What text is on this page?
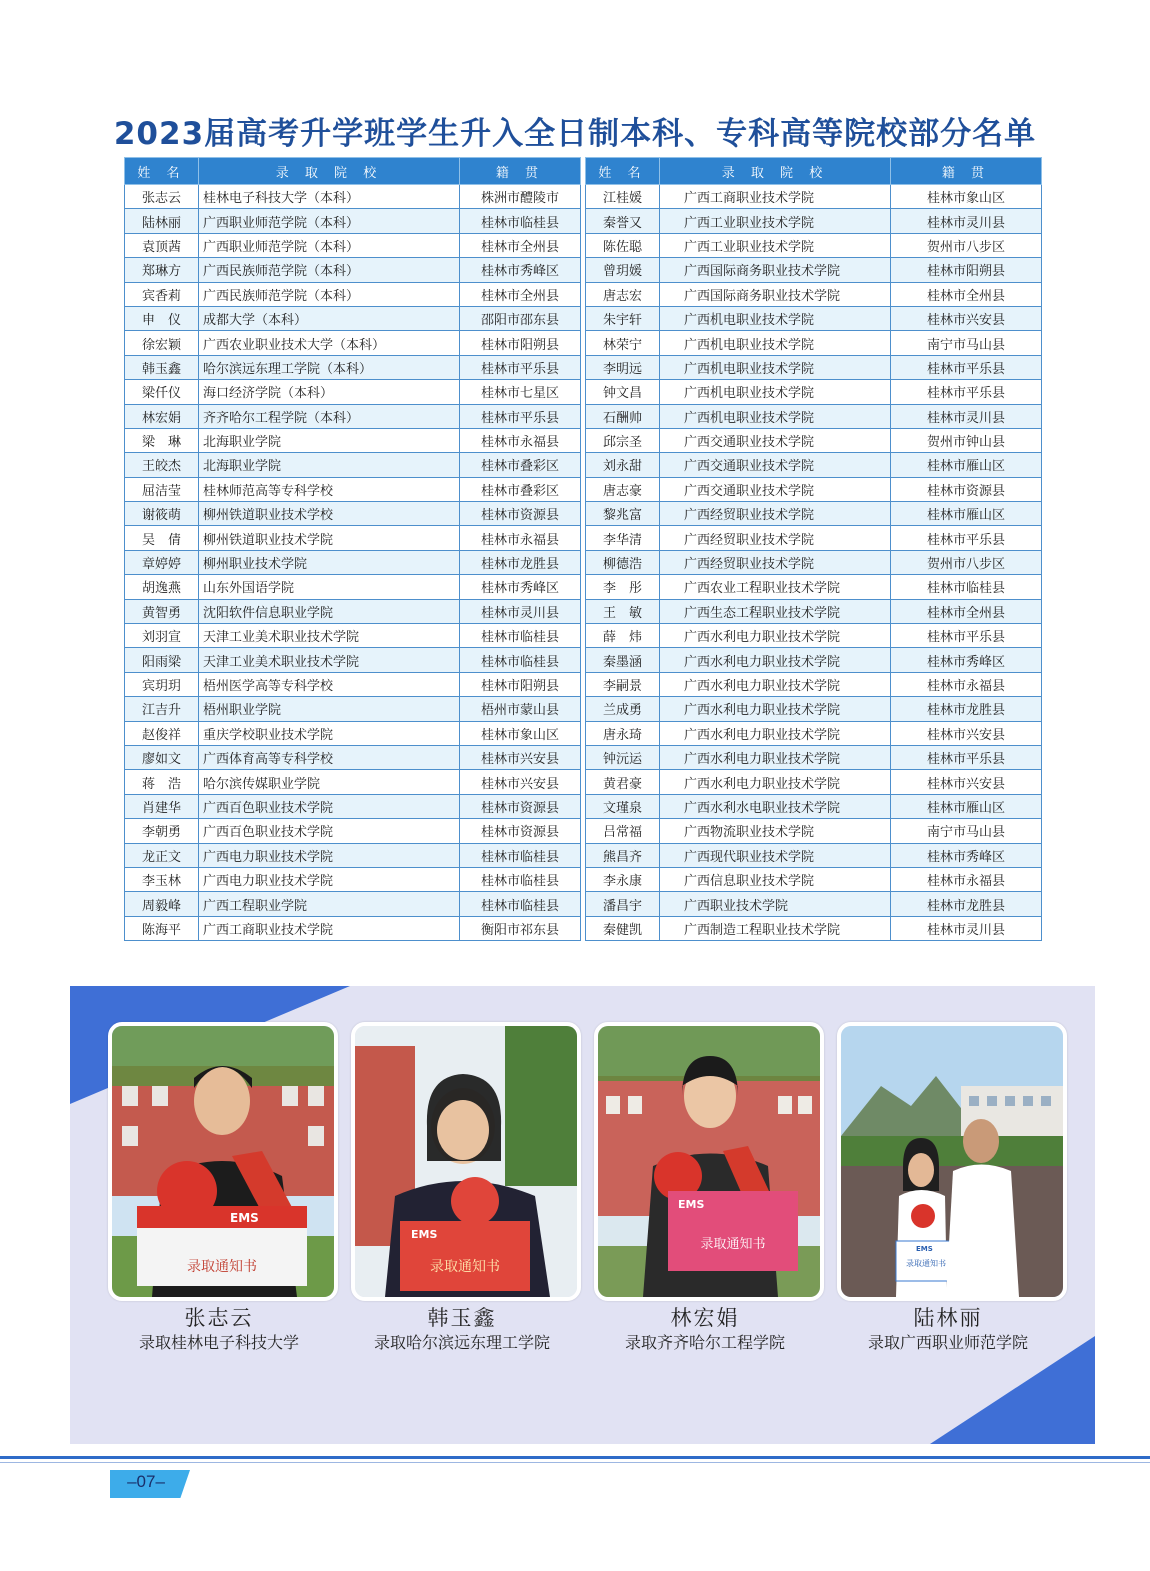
2023届高考升学班学生升入全日制本科、专科高等院校部分名单
姓 名	录 取 院 校	籍 贯
张志云	桂林电子科技大学（本科）	株洲市醴陵市
陆林丽	广西职业师范学院（本科）	桂林市临桂县
袁顶茜	广西职业师范学院（本科）	桂林市全州县
郑琳方	广西民族师范学院（本科）	桂林市秀峰区
宾香莉	广西民族师范学院（本科）	桂林市全州县
申　仪	成都大学（本科）	邵阳市邵东县
徐宏颖	广西农业职业技术大学（本科）	桂林市阳朔县
韩玉鑫	哈尔滨远东理工学院（本科）	桂林市平乐县
梁仟仪	海口经济学院（本科）	桂林市七星区
林宏娟	齐齐哈尔工程学院（本科）	桂林市平乐县
梁　琳	北海职业学院	桂林市永福县
王皎杰	北海职业学院	桂林市叠彩区
屈洁莹	桂林师范高等专科学校	桂林市叠彩区
谢筱萌	柳州铁道职业技术学校	桂林市资源县
吴　倩	柳州铁道职业技术学院	桂林市永福县
章婷婷	柳州职业技术学院	桂林市龙胜县
胡逸燕	山东外国语学院	桂林市秀峰区
黄智勇	沈阳软件信息职业学院	桂林市灵川县
刘羽宣	天津工业美术职业技术学院	桂林市临桂县
阳雨梁	天津工业美术职业技术学院	桂林市临桂县
宾玥玥	梧州医学高等专科学校	桂林市阳朔县
江吉升	梧州职业学院	梧州市蒙山县
赵俊祥	重庆学校职业技术学院	桂林市象山区
廖如文	广西体育高等专科学校	桂林市兴安县
蒋　浩	哈尔滨传媒职业学院	桂林市兴安县
肖建华	广西百色职业技术学院	桂林市资源县
李朝勇	广西百色职业技术学院	桂林市资源县
龙正文	广西电力职业技术学院	桂林市临桂县
李玉林	广西电力职业技术学院	桂林市临桂县
周毅峰	广西工程职业学院	桂林市临桂县
陈海平	广西工商职业技术学院	衡阳市祁东县
姓 名	录 取 院 校	籍 贯
江桂媛	广西工商职业技术学院	桂林市象山区
秦誉又	广西工业职业技术学院	桂林市灵川县
陈佐聪	广西工业职业技术学院	贺州市八步区
曾玥媛	广西国际商务职业技术学院	桂林市阳朔县
唐志宏	广西国际商务职业技术学院	桂林市全州县
朱宇轩	广西机电职业技术学院	桂林市兴安县
林荣宁	广西机电职业技术学院	南宁市马山县
李明远	广西机电职业技术学院	桂林市平乐县
钟文昌	广西机电职业技术学院	桂林市平乐县
石酬帅	广西机电职业技术学院	桂林市灵川县
邱宗圣	广西交通职业技术学院	贺州市钟山县
刘永甜	广西交通职业技术学院	桂林市雁山区
唐志豪	广西交通职业技术学院	桂林市资源县
黎兆富	广西经贸职业技术学院	桂林市雁山区
李华清	广西经贸职业技术学院	桂林市平乐县
柳德浩	广西经贸职业技术学院	贺州市八步区
李　彤	广西农业工程职业技术学院	桂林市临桂县
王　敏	广西生态工程职业技术学院	桂林市全州县
薛　炜	广西水利电力职业技术学院	桂林市平乐县
秦墨涵	广西水利电力职业技术学院	桂林市秀峰区
李嗣景	广西水利电力职业技术学院	桂林市永福县
兰成勇	广西水利电力职业技术学院	桂林市龙胜县
唐永琦	广西水利电力职业技术学院	桂林市兴安县
钟沅运	广西水利电力职业技术学院	桂林市平乐县
黄君豪	广西水利电力职业技术学院	桂林市兴安县
文瑾泉	广西水利水电职业技术学院	桂林市雁山区
吕常福	广西物流职业技术学院	南宁市马山县
熊昌齐	广西现代职业技术学院	桂林市秀峰区
李永康	广西信息职业技术学院	桂林市永福县
潘昌宇	广西职业技术学院	桂林市龙胜县
秦健凯	广西制造工程职业技术学院	桂林市灵川县
录取通知书
EMS
张志云
录取桂林电子科技大学
录取通知书
EMS
韩玉鑫
录取哈尔滨远东理工学院
录取通知书
EMS
林宏娟
录取齐齐哈尔工程学院
录取通知书
EMS
陆林丽
录取广西职业师范学院
–07–
